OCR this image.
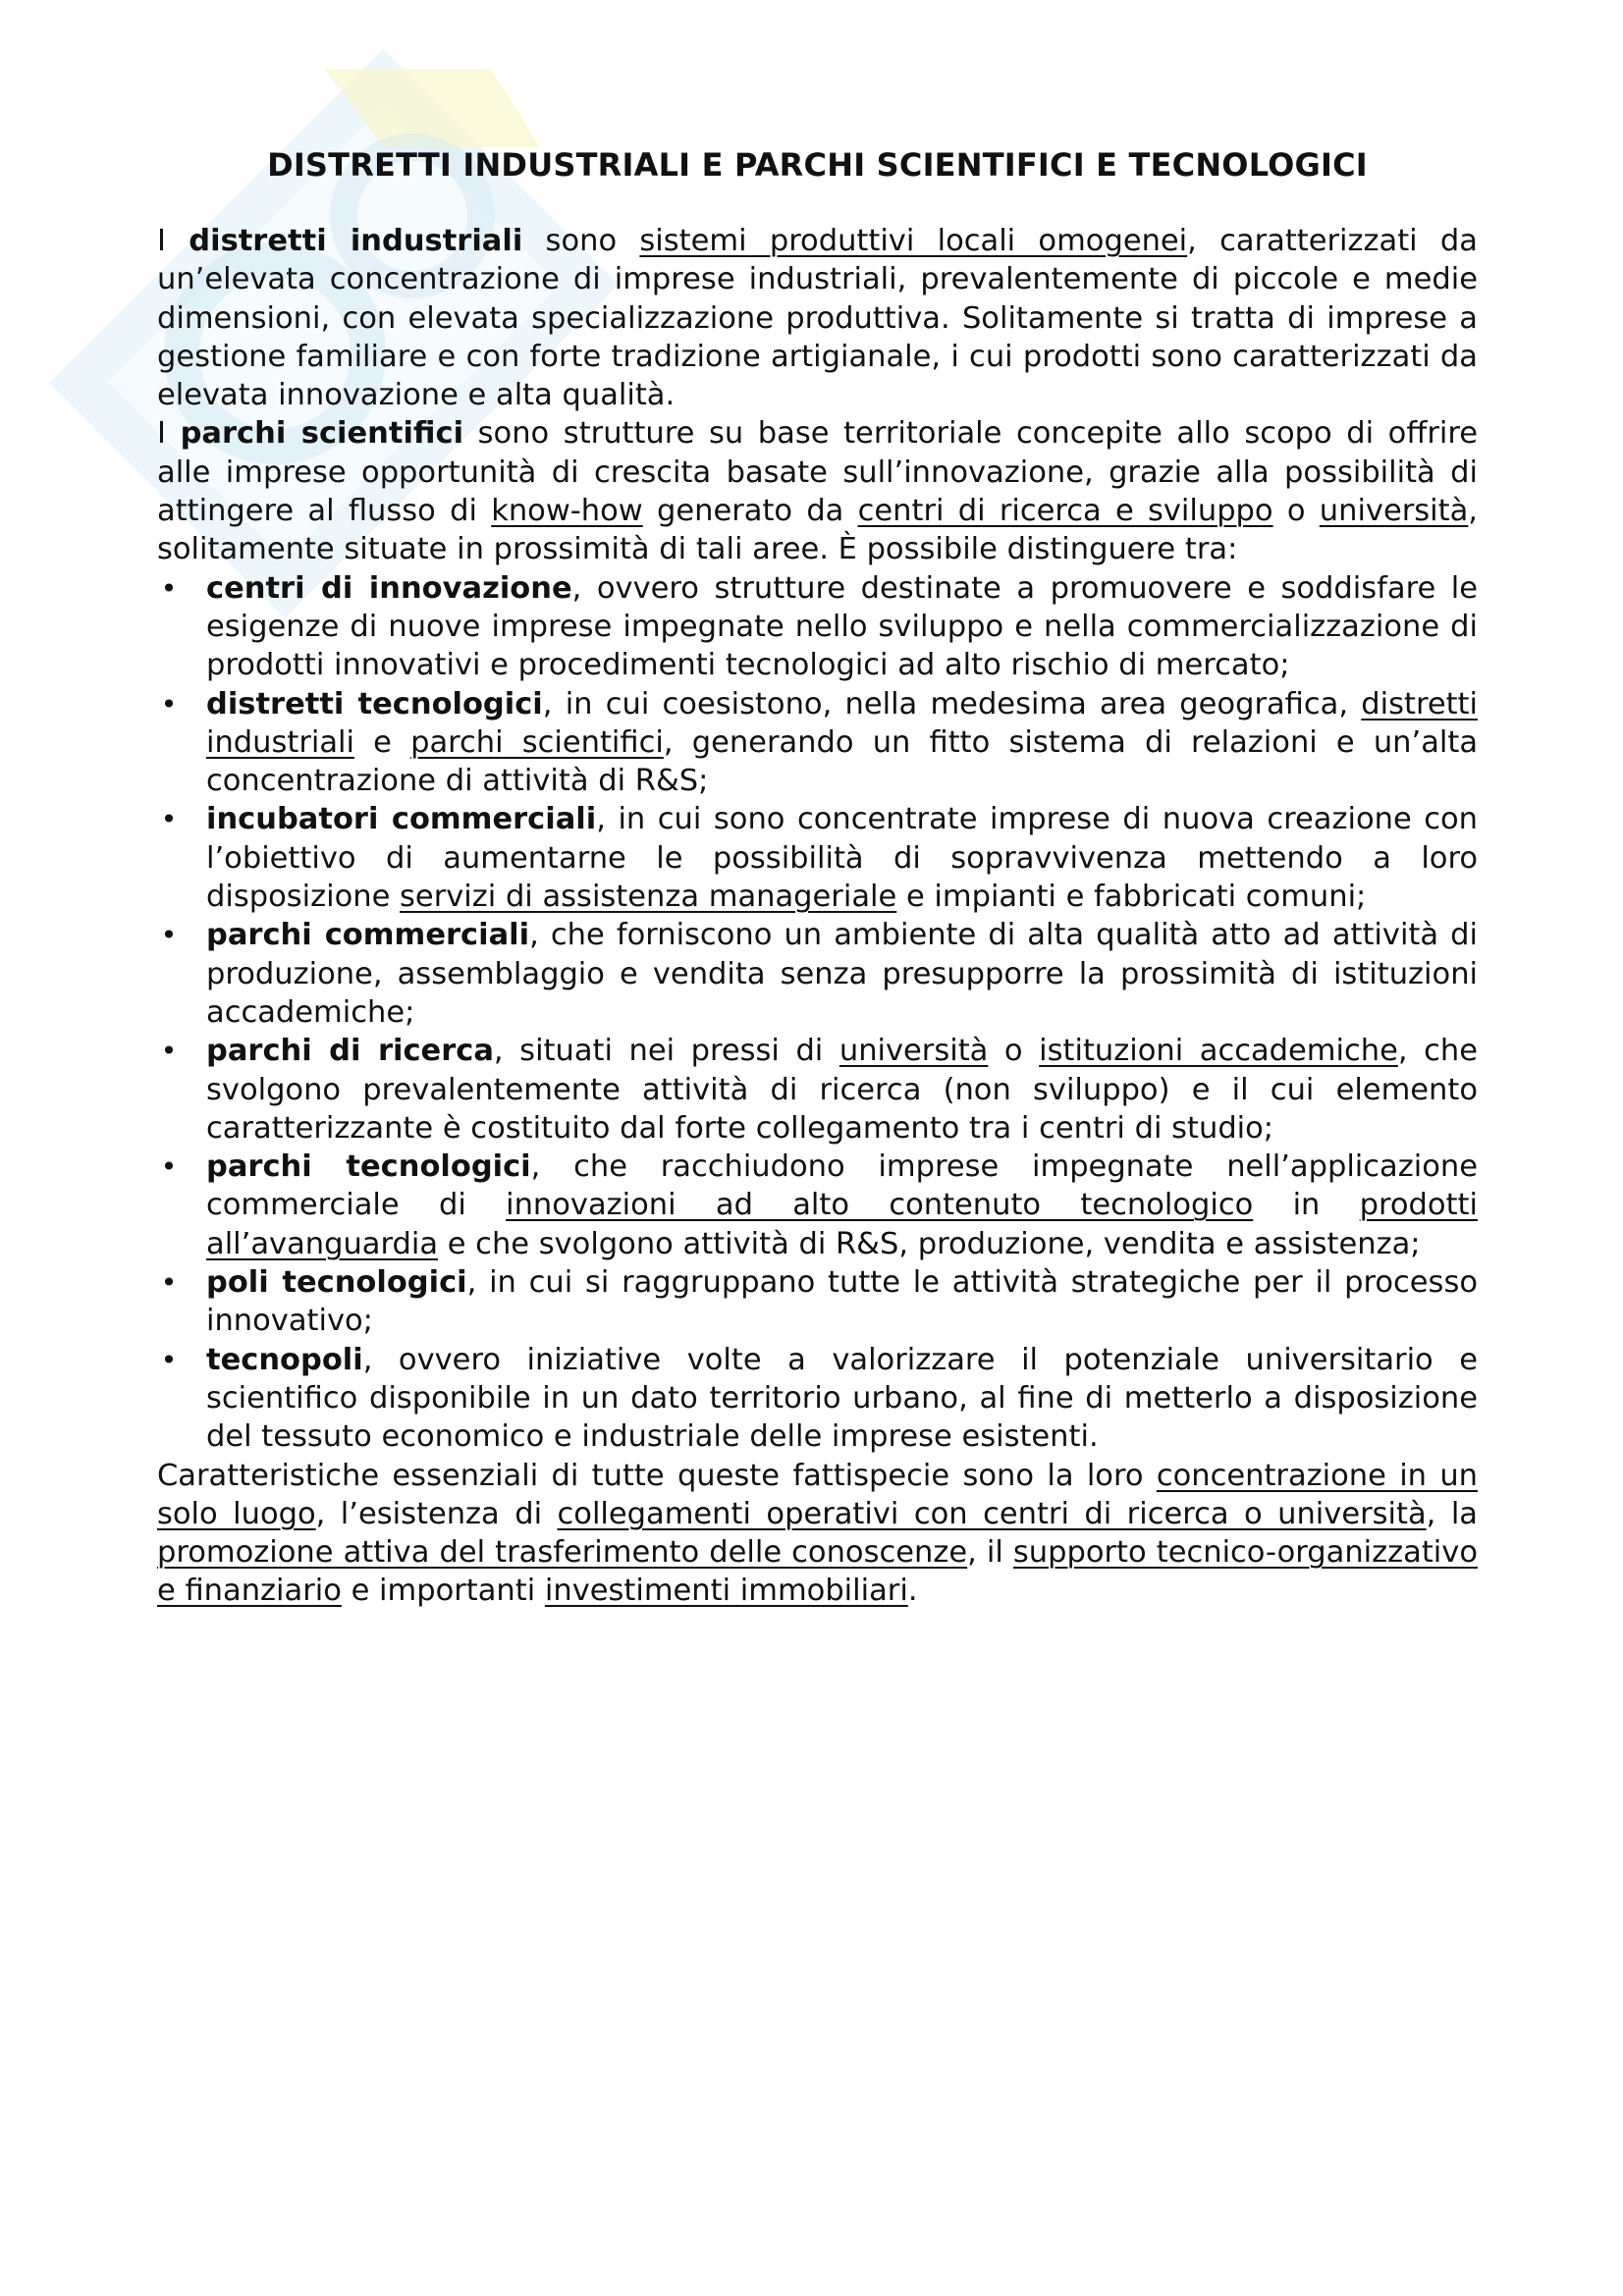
DISTRETTI INDUSTRIALI E PARCHI SCIENTIFICI E TECNOLOGICI

I distretti industriali sono sistemi produttivi locali omogenei, caratterizzati da un’elevata concentrazione di imprese industriali, prevalentemente di piccole e medie dimensioni, con elevata specializzazione produttiva. Solitamente si tratta di imprese a gestione familiare e con forte tradizione artigianale, i cui prodotti sono caratterizzati da elevata innovazione e alta qualità.

I parchi scientifici sono strutture su base territoriale concepite allo scopo di offrire alle imprese opportunità di crescita basate sull’innovazione, grazie alla possibilità di attingere al flusso di know-how generato da centri di ricerca e sviluppo o università, solitamente situate in prossimità di tali aree. È possibile distinguere tra:

• centri di innovazione, ovvero strutture destinate a promuovere e soddisfare le esigenze di nuove imprese impegnate nello sviluppo e nella commercializzazione di prodotti innovativi e procedimenti tecnologici ad alto rischio di mercato;
• distretti tecnologici, in cui coesistono, nella medesima area geografica, distretti industriali e parchi scientifici, generando un fitto sistema di relazioni e un’alta concentrazione di attività di R&S;
• incubatori commerciali, in cui sono concentrate imprese di nuova creazione con l’obiettivo di aumentarne le possibilità di sopravvivenza mettendo a loro disposizione servizi di assistenza manageriale e impianti e fabbricati comuni;
• parchi commerciali, che forniscono un ambiente di alta qualità atto ad attività di produzione, assemblaggio e vendita senza presupporre la prossimità di istituzioni accademiche;
• parchi di ricerca, situati nei pressi di università o istituzioni accademiche, che svolgono prevalentemente attività di ricerca (non sviluppo) e il cui elemento caratterizzante è costituito dal forte collegamento tra i centri di studio;
• parchi tecnologici, che racchiudono imprese impegnate nell’applicazione commerciale di innovazioni ad alto contenuto tecnologico in prodotti all’avanguardia e che svolgono attività di R&S, produzione, vendita e assistenza;
• poli tecnologici, in cui si raggruppano tutte le attività strategiche per il processo innovativo;
• tecnopoli, ovvero iniziative volte a valorizzare il potenziale universitario e scientifico disponibile in un dato territorio urbano, al fine di metterlo a disposizione del tessuto economico e industriale delle imprese esistenti.

Caratteristiche essenziali di tutte queste fattispecie sono la loro concentrazione in un solo luogo, l’esistenza di collegamenti operativi con centri di ricerca o università, la promozione attiva del trasferimento delle conoscenze, il supporto tecnico-organizzativo e finanziario e importanti investimenti immobiliari.
